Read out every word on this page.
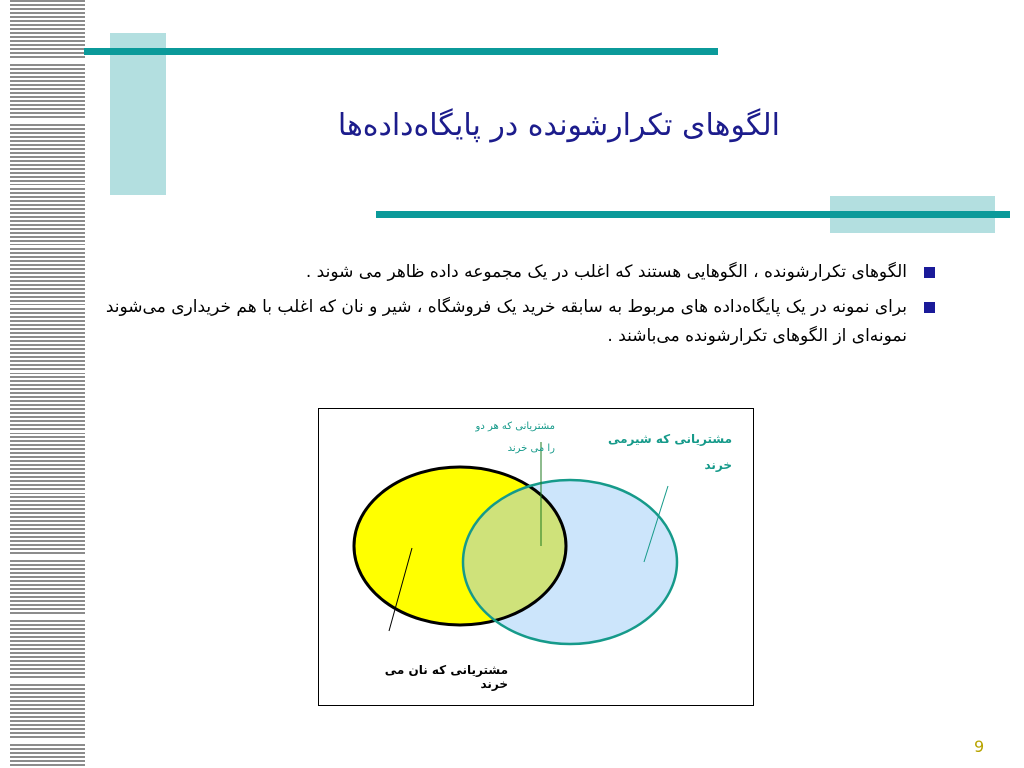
الگوهای تکرارشونده در پایگاه‌داده‌ها
الگوهای تکرارشونده ، الگوهایی هستند که اغلب در یک مجموعه داده ظاهر می شوند .
برای نمونه در یک پایگاه‌داده های مربوط به سابقه خرید یک فروشگاه ، شیر و نان که اغلب با هم خریداری می‌شوند نمونه‌ای از الگوهای تکرارشونده می‌باشند .
مشتریانی که هر دو
را می خرند
مشتریانی که شیرمی
خرند
مشتریانی که نان می خرند
9
